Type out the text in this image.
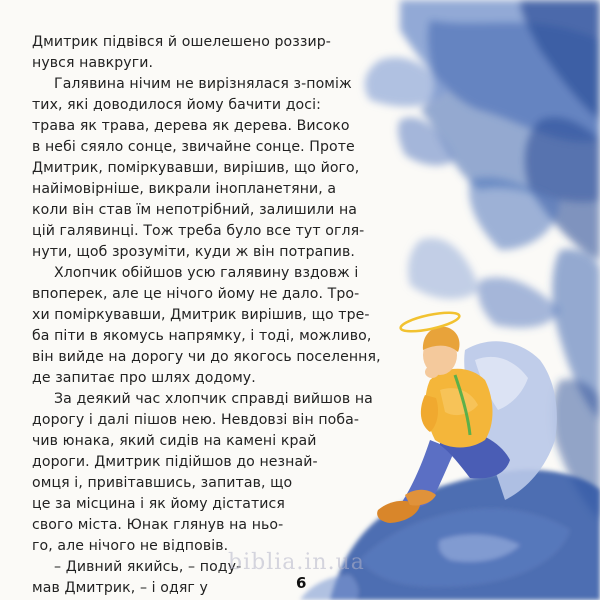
Дмитрик підвівся й ошелешено роззир-
нувся навкруги.
Галявина нічим не вирізнялася з-поміж
тих, які доводилося йому бачити досі:
трава як трава, дерева як дерева. Високо
в небі сяяло сонце, звичайне сонце. Проте
Дмитрик, поміркувавши, вирішив, що його,
найімовірніше, викрали інопланетяни, а
коли він став їм непотрібний, залишили на
цій галявинці. Тож треба було все тут огля-
нути, щоб зрозуміти, куди ж він потрапив.
Хлопчик обійшов усю галявину вздовж і
впоперек, але це нічого йому не дало. Тро-
хи поміркувавши, Дмитрик вирішив, що тре-
ба піти в якомусь напрямку, і тоді, можливо,
він вийде на дорогу чи до якогось поселення,
де запитає про шлях додому.
За деякий час хлопчик справді вийшов на
дорогу і далі пішов нею. Невдовзі він поба-
чив юнака, який сидів на камені край
дороги. Дмитрик підійшов до незнай-
омця і, привітавшись, запитав, що
це за місцина і як йому дістатися
свого міста. Юнак глянув на ньо-
го, але нічого не відповів.
– Дивний якийсь, – поду-
мав Дмитрик, – і одяг у
biblia.in.ua
6
